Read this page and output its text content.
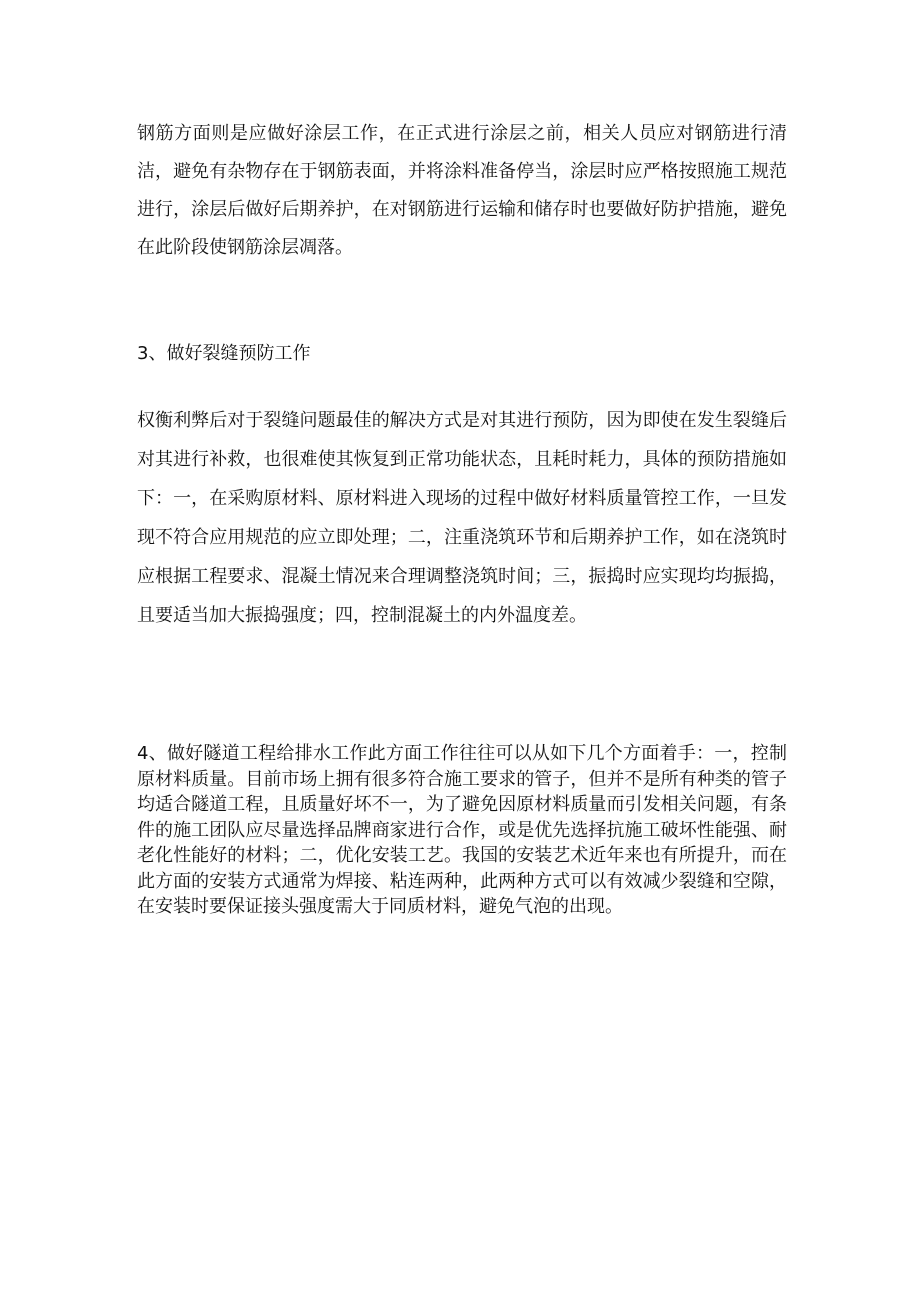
钢筋方面则是应做好涂层工作，在正式进行涂层之前，相关人员应对钢筋进行清洁，避免有杂物存在于钢筋表面，并将涂料准备停当，涂层时应严格按照施工规范进行，涂层后做好后期养护，在对钢筋进行运输和储存时也要做好防护措施，避免在此阶段使钢筋涂层凋落。

3、做好裂缝预防工作

权衡利弊后对于裂缝问题最佳的解决方式是对其进行预防，因为即使在发生裂缝后对其进行补救，也很难使其恢复到正常功能状态，且耗时耗力，具体的预防措施如下：一，在采购原材料、原材料进入现场的过程中做好材料质量管控工作，一旦发现不符合应用规范的应立即处理；二，注重浇筑环节和后期养护工作，如在浇筑时应根据工程要求、混凝土情况来合理调整浇筑时间；三，振捣时应实现均均振捣，且要适当加大振捣强度；四，控制混凝土的内外温度差。

4、做好隧道工程给排水工作此方面工作往往可以从如下几个方面着手：一，控制原材料质量。目前市场上拥有很多符合施工要求的管子，但并不是所有种类的管子均适合隧道工程，且质量好坏不一，为了避免因原材料质量而引发相关问题，有条件的施工团队应尽量选择品牌商家进行合作，或是优先选择抗施工破坏性能强、耐老化性能好的材料；二，优化安装工艺。我国的安装艺术近年来也有所提升，而在此方面的安装方式通常为焊接、粘连两种，此两种方式可以有效减少裂缝和空隙，在安装时要保证接头强度需大于同质材料，避免气泡的出现。
